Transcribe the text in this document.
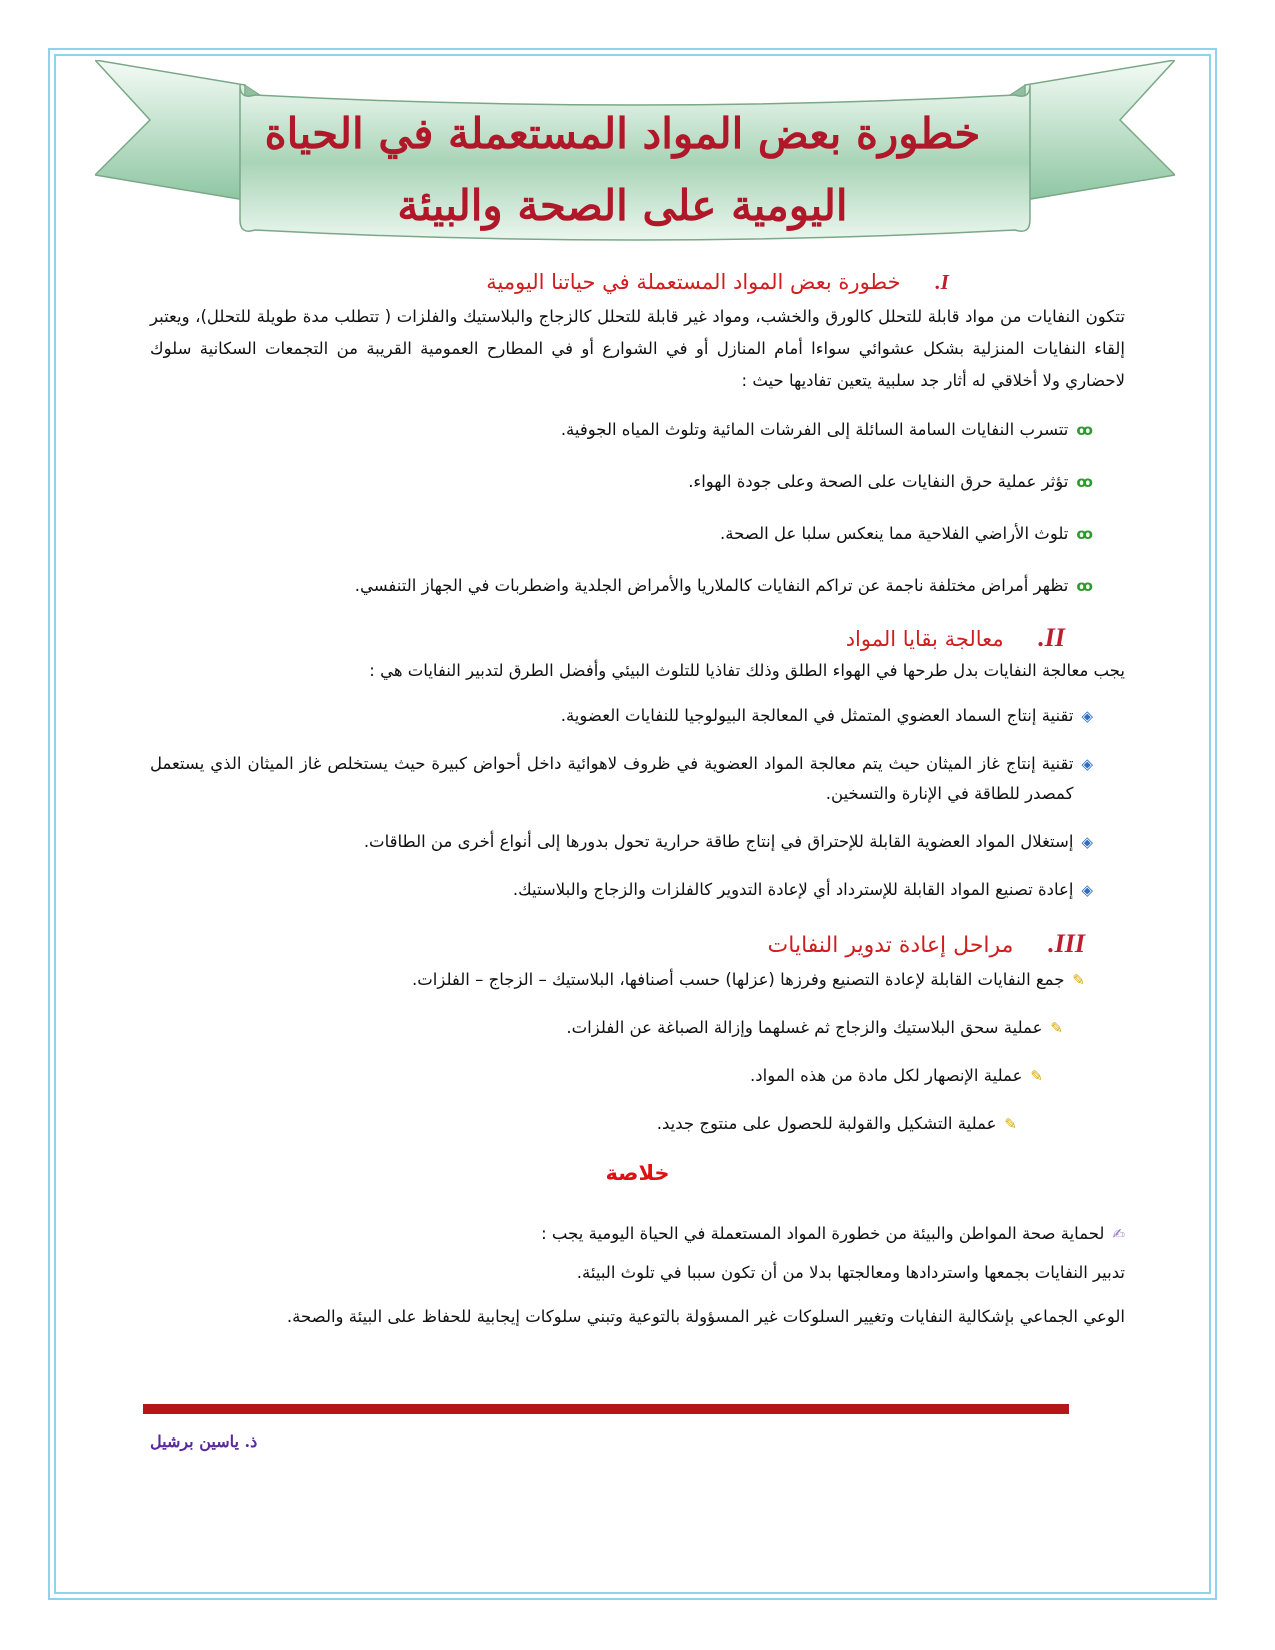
خطورة بعض المواد المستعملة في الحياة
اليومية على الصحة والبيئة
I. خطورة بعض المواد المستعملة في حياتنا اليومية

تتكون النفايات من مواد قابلة للتحلل كالورق والخشب، ومواد غير قابلة للتحلل كالزجاج والبلاستيك والفلزات ( تتطلب مدة طويلة للتحلل)، ويعتبر إلقاء النفايات المنزلية بشكل عشوائي سواءا أمام المنازل أو في الشوارع أو في المطارح العمومية القريبة من التجمعات السكانية سلوك لاحضاري ولا أخلاقي له أثار جد سلبية يتعين تفاديها حيث :

ꝏ
تتسرب النفايات السامة السائلة إلى الفرشات المائية وتلوث المياه الجوفية.
ꝏ
تؤثر عملية حرق النفايات على الصحة وعلى جودة الهواء.
ꝏ
تلوث الأراضي الفلاحية مما ينعكس سلبا عل الصحة.
ꝏ
تظهر أمراض مختلفة ناجمة عن تراكم النفايات كالملاريا والأمراض الجلدية واضطربات في الجهاز التنفسي.
II. معالجة بقايا المواد

يجب معالجة النفايات بدل طرحها في الهواء الطلق وذلك تفاذيا للتلوث البيئي وأفضل الطرق لتدبير النفايات هي :

◈
تقنية إنتاج السماد العضوي المتمثل في المعالجة البيولوجيا للنفايات العضوية.
◈
تقنية إنتاج غاز الميثان حيث يتم معالجة المواد العضوية في ظروف لاهوائية داخل أحواض كبيرة حيث يستخلص غاز الميثان الذي يستعمل كمصدر للطاقة في الإنارة والتسخين.
◈
إستغلال المواد العضوية القابلة للإحتراق في إنتاج طاقة حرارية تحول بدورها إلى أنواع أخرى من الطاقات.
◈
إعادة تصنيع المواد القابلة للإسترداد أي لإعادة التدوير كالفلزات والزجاج والبلاستيك.
III. مراحل إعادة تدوير النفايات
✎
جمع النفايات القابلة لإعادة التصنيع وفرزها (عزلها) حسب أصنافها، البلاستيك – الزجاج – الفلزات.
✎
عملية سحق البلاستيك والزجاج ثم غسلهما وإزالة الصباغة عن الفلزات.
✎
عملية الإنصهار لكل مادة من هذه المواد.
✎
عملية التشكيل والقولبة للحصول على منتوج جديد.
خلاصة
✍
لحماية صحة المواطن والبيئة من خطورة المواد المستعملة في الحياة اليومية يجب :

تدبير النفايات بجمعها واستردادها ومعالجتها بدلا من أن تكون سببا في تلوث البيئة.

الوعي الجماعي بإشكالية النفايات وتغيير السلوكات غير المسؤولة بالتوعية وتبني سلوكات إيجابية للحفاظ على البيئة والصحة.

ذ. ياسين برشيل
